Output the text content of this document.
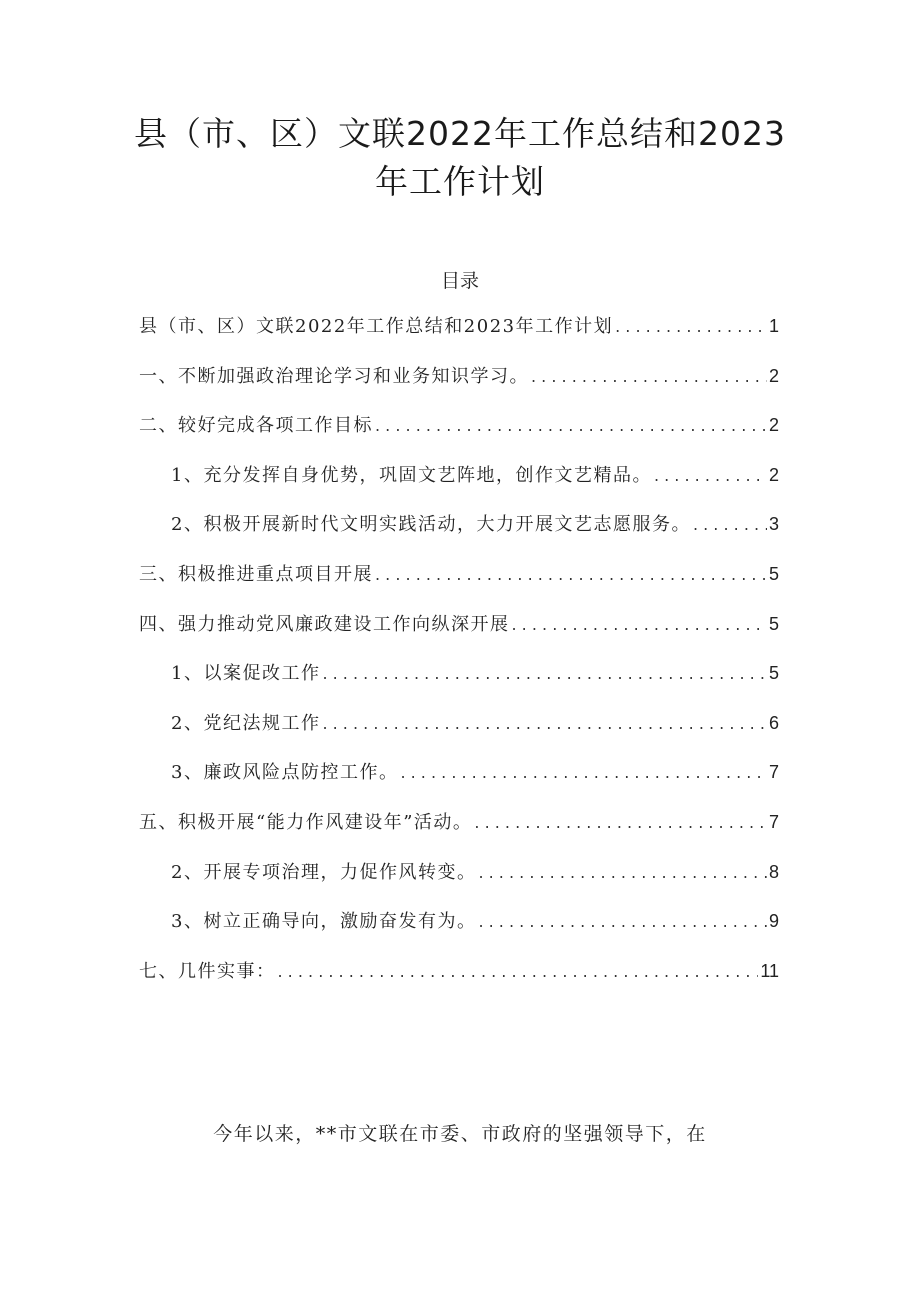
县（市、区）文联2022年工作总结和2023
年工作计划
目录
县（市、区）文联2022年工作总结和2023年工作计划 . . .	1
一、不断加强政治理论学习和业务知识学习。 . . .	2
二、较好完成各项工作目标 . . .	2
1、充分发挥自身优势，巩固文艺阵地，创作文艺精品。 . . .	2
2、积极开展新时代文明实践活动，大力开展文艺志愿服务。 . . .	3
三、积极推进重点项目开展 . . .	5
四、强力推动党风廉政建设工作向纵深开展 . . .	5
1、以案促改工作 . . .	5
2、党纪法规工作 . . .	6
3、廉政风险点防控工作。 . . .	7
五、积极开展“能力作风建设年”活动。 . . .	7
2、开展专项治理，力促作风转变。 . . .	8
3、树立正确导向，激励奋发有为。 . . .	9
七、几件实事： . . .	11

今年以来，**市文联在市委、市政府的坚强领导下，在
